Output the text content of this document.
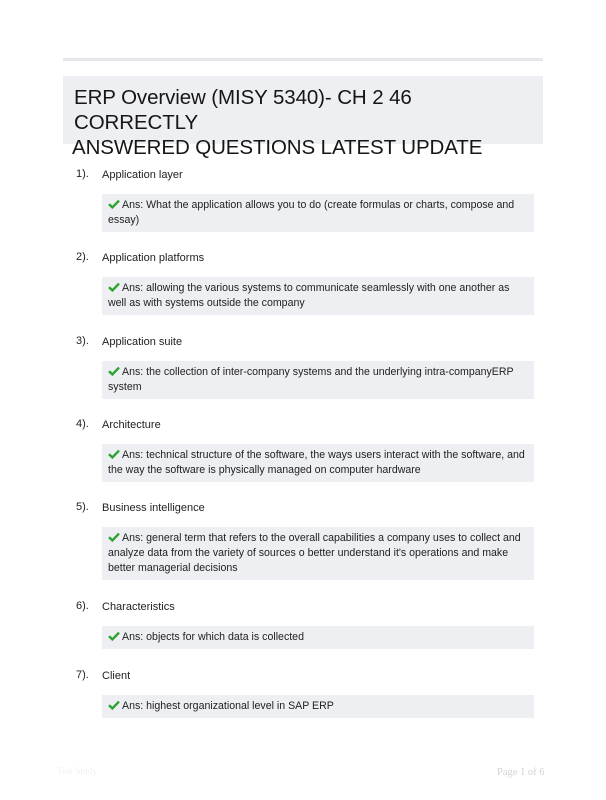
ERP Overview (MISY 5340)- CH 2 46 CORRECTLY
ANSWERED QUESTIONS LATEST UPDATE
1). Application layer
Ans: What the application allows you to do (create formulas or charts, compose and essay)
2). Application platforms
Ans: allowing the various systems to communicate seamlessly with one another as well as with systems outside the company
3). Application suite
Ans: the collection of inter-company systems and the underlying intra-companyERP system
4). Architecture
Ans: technical structure of the software, the ways users interact with the software, and the way the software is physically managed on computer hardware
5). Business intelligence
Ans: general term that refers to the overall capabilities a company uses to collect and analyze data from the variety of sources o better understand it's operations and make better managerial decisions
6). Characteristics
Ans: objects for which data is collected
7). Client
Ans: highest organizational level in SAP ERP
Test Study	Page 1 of 6
